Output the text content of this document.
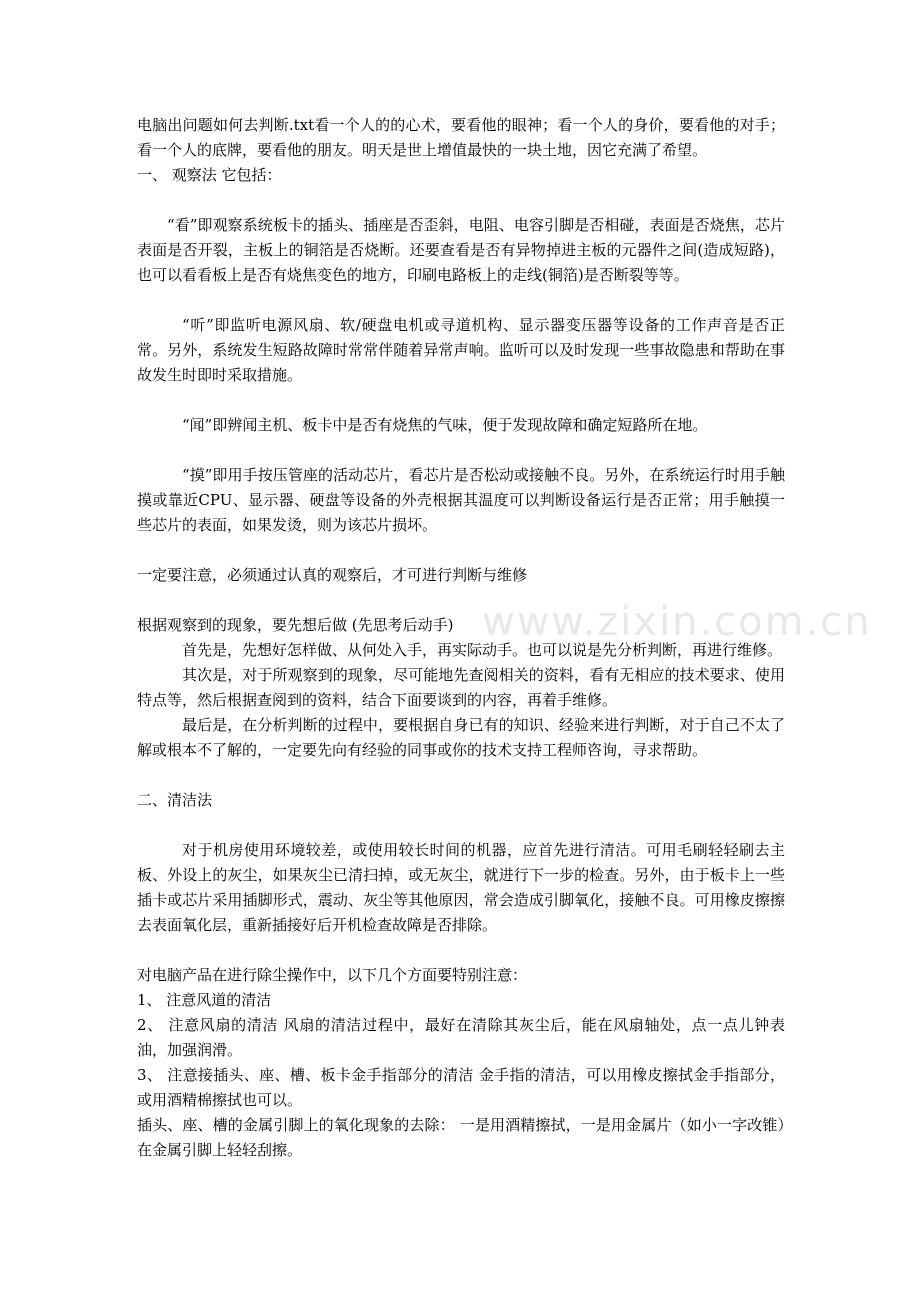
www.zixin.com.cn

电脑出问题如何去判断.txt看一个人的的心术，要看他的眼神；看一个人的身价，要看他的对手；看一个人的底牌，要看他的朋友。明天是世上增值最快的一块土地，因它充满了希望。

一、 观察法 它包括：

“看”即观察系统板卡的插头、插座是否歪斜，电阻、电容引脚是否相碰，表面是否烧焦，芯片表面是否开裂，主板上的铜箔是否烧断。还要查看是否有异物掉进主板的元器件之间(造成短路)，也可以看看板上是否有烧焦变色的地方，印刷电路板上的走线(铜箔)是否断裂等等。

“听”即监听电源风扇、软/硬盘电机或寻道机构、显示器变压器等设备的工作声音是否正常。另外，系统发生短路故障时常常伴随着异常声响。监听可以及时发现一些事故隐患和帮助在事故发生时即时采取措施。

“闻”即辨闻主机、板卡中是否有烧焦的气味，便于发现故障和确定短路所在地。

“摸”即用手按压管座的活动芯片，看芯片是否松动或接触不良。另外，在系统运行时用手触摸或靠近CPU、显示器、硬盘等设备的外壳根据其温度可以判断设备运行是否正常；用手触摸一些芯片的表面，如果发烫，则为该芯片损坏。

一定要注意，必须通过认真的观察后，才可进行判断与维修

根据观察到的现象，要先想后做 (先思考后动手)

首先是，先想好怎样做、从何处入手，再实际动手。也可以说是先分析判断，再进行维修。

其次是，对于所观察到的现象，尽可能地先查阅相关的资料，看有无相应的技术要求、使用特点等，然后根据查阅到的资料，结合下面要谈到的内容，再着手维修。

最后是，在分析判断的过程中，要根据自身已有的知识、经验来进行判断，对于自己不太了解或根本不了解的，一定要先向有经验的同事或你的技术支持工程师咨询，寻求帮助。

二、清洁法

对于机房使用环境较差，或使用较长时间的机器，应首先进行清洁。可用毛刷轻轻刷去主板、外设上的灰尘，如果灰尘已清扫掉，或无灰尘，就进行下一步的检查。另外，由于板卡上一些插卡或芯片采用插脚形式，震动、灰尘等其他原因，常会造成引脚氧化，接触不良。可用橡皮擦擦去表面氧化层，重新插接好后开机检查故障是否排除。

对电脑产品在进行除尘操作中，以下几个方面要特别注意：

1、 注意风道的清洁

2、 注意风扇的清洁 风扇的清洁过程中，最好在清除其灰尘后，能在风扇轴处，点一点儿钟表油，加强润滑。

3、 注意接插头、座、槽、板卡金手指部分的清洁 金手指的清洁，可以用橡皮擦拭金手指部分，或用酒精棉擦拭也可以。

插头、座、槽的金属引脚上的氧化现象的去除： 一是用酒精擦拭，一是用金属片（如小一字改锥）在金属引脚上轻轻刮擦。
